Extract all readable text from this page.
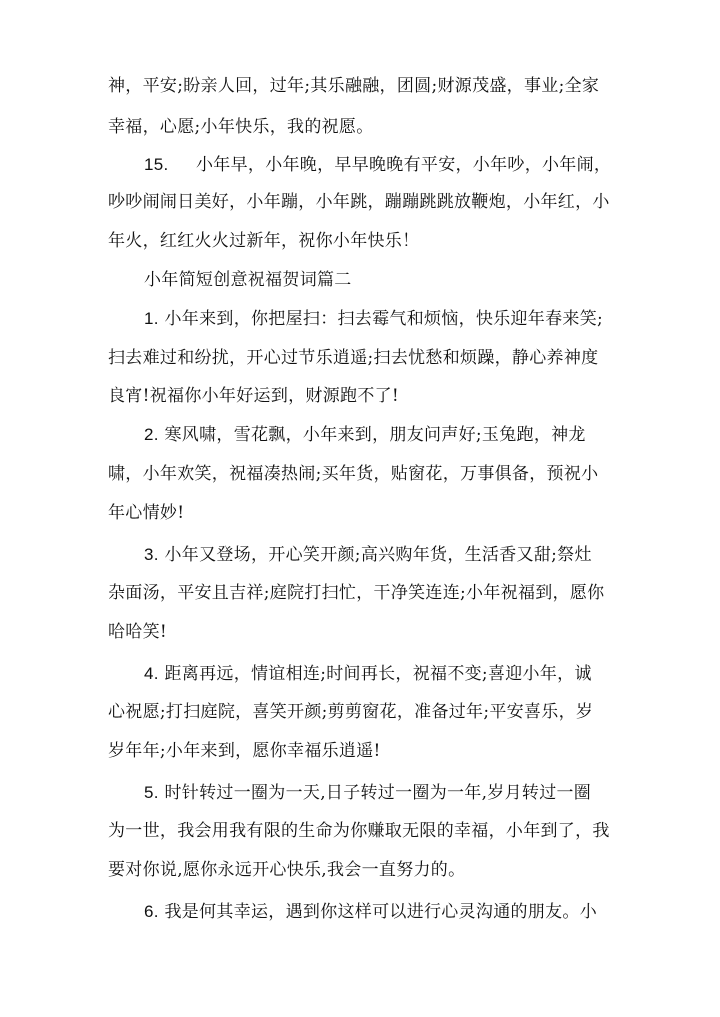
神，平安;盼亲人回，过年;其乐融融，团圆;财源茂盛，事业;全家
幸福，心愿;小年快乐，我的祝愿。
15. 小年早，小年晚，早早晚晚有平安，小年吵，小年闹，
吵吵闹闹日美好，小年蹦，小年跳，蹦蹦跳跳放鞭炮，小年红，小
年火，红红火火过新年，祝你小年快乐！
小年简短创意祝福贺词篇二
1. 小年来到，你把屋扫：扫去霉气和烦恼，快乐迎年春来笑;
扫去难过和纷扰，开心过节乐逍遥;扫去忧愁和烦躁，静心养神度
良宵!祝福你小年好运到，财源跑不了!
2. 寒风啸，雪花飘，小年来到，朋友问声好;玉兔跑，神龙
啸，小年欢笑，祝福凑热闹;买年货，贴窗花，万事俱备，预祝小
年心情妙!
3. 小年又登场，开心笑开颜;高兴购年货，生活香又甜;祭灶
杂面汤，平安且吉祥;庭院打扫忙，干净笑连连;小年祝福到，愿你
哈哈笑!
4. 距离再远，情谊相连;时间再长，祝福不变;喜迎小年，诚
心祝愿;打扫庭院，喜笑开颜;剪剪窗花，准备过年;平安喜乐，岁
岁年年;小年来到，愿你幸福乐逍遥!
5. 时针转过一圈为一天,日子转过一圈为一年,岁月转过一圈
为一世，我会用我有限的生命为你赚取无限的幸福，小年到了，我
要对你说,愿你永远开心快乐,我会一直努力的。
6. 我是何其幸运，遇到你这样可以进行心灵沟通的朋友。小
